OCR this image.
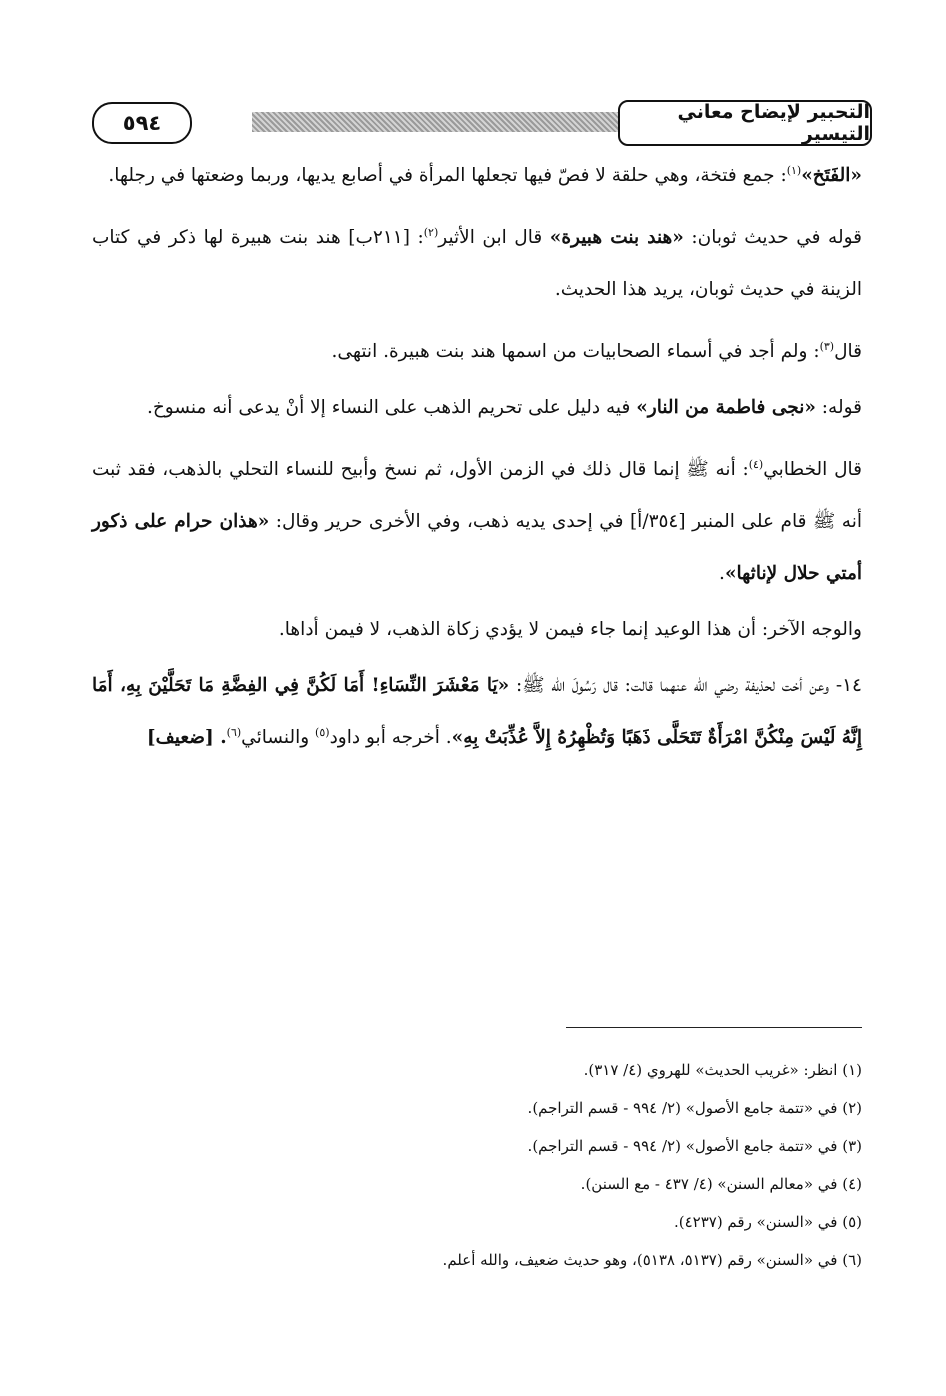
التحبير لإيضاح معاني التيسير
٥٩٤

«الفَتَخ»$^{(١)}$: جمع فتخة، وهي حلقة لا فصّ فيها تجعلها المرأة في أصابع يديها، وربما وضعتها في رجلها.

قوله في حديث ثوبان: «هند بنت هبيرة» قال ابن الأثير$^{(٢)}$: [٢١١ب] هند بنت هبيرة لها ذكر في كتاب الزينة في حديث ثوبان، يريد هذا الحديث.

قال$^{(٣)}$: ولم أجد في أسماء الصحابيات من اسمها هند بنت هبيرة. انتهى.

قوله: «نجى فاطمة من النار» فيه دليل على تحريم الذهب على النساء إلا أنْ يدعى أنه منسوخ.

قال الخطابي$^{(٤)}$: أنه ﷺ إنما قال ذلك في الزمن الأول، ثم نسخ وأبيح للنساء التحلي بالذهب، فقد ثبت أنه ﷺ قام على المنبر [٣٥٤/أ] في إحدى يديه ذهب، وفي الأخرى حرير وقال: «هذان حرام على ذكور أمتي حلال لإناثها».

والوجه الآخر: أن هذا الوعيد إنما جاء فيمن لا يؤدي زكاة الذهب، لا فيمن أداها.

١٤- وعن أخت لحذيفة رضي الله عنهما قالت: قال رَسُولَ الله ﷺ: «يَا مَعْشَرَ النِّسَاءِ! أَمَا لَكُنَّ فِي الفِضَّةِ مَا تَحَلَّيْنَ بِهِ، أَمَا إِنَّهُ لَيْسَ مِنْكُنَّ امْرَأَةٌ تَتَحَلَّى ذَهَبًا وَتُظْهِرُهُ إِلاَّ عُذِّبَتْ بِهِ». أخرجه أبو داود$^{(٥)}$ والنسائي$^{(٦)}$. [ضعيف]

(١) انظر: «غريب الحديث» للهروي (٤/ ٣١٧).

(٢) في «تتمة جامع الأصول» (٢/ ٩٩٤ - قسم التراجم).

(٣) في «تتمة جامع الأصول» (٢/ ٩٩٤ - قسم التراجم).

(٤) في «معالم السنن» (٤/ ٤٣٧ - مع السنن).

(٥) في «السنن» رقم (٤٢٣٧).

(٦) في «السنن» رقم (٥١٣٧، ٥١٣٨)، وهو حديث ضعيف، والله أعلم.
